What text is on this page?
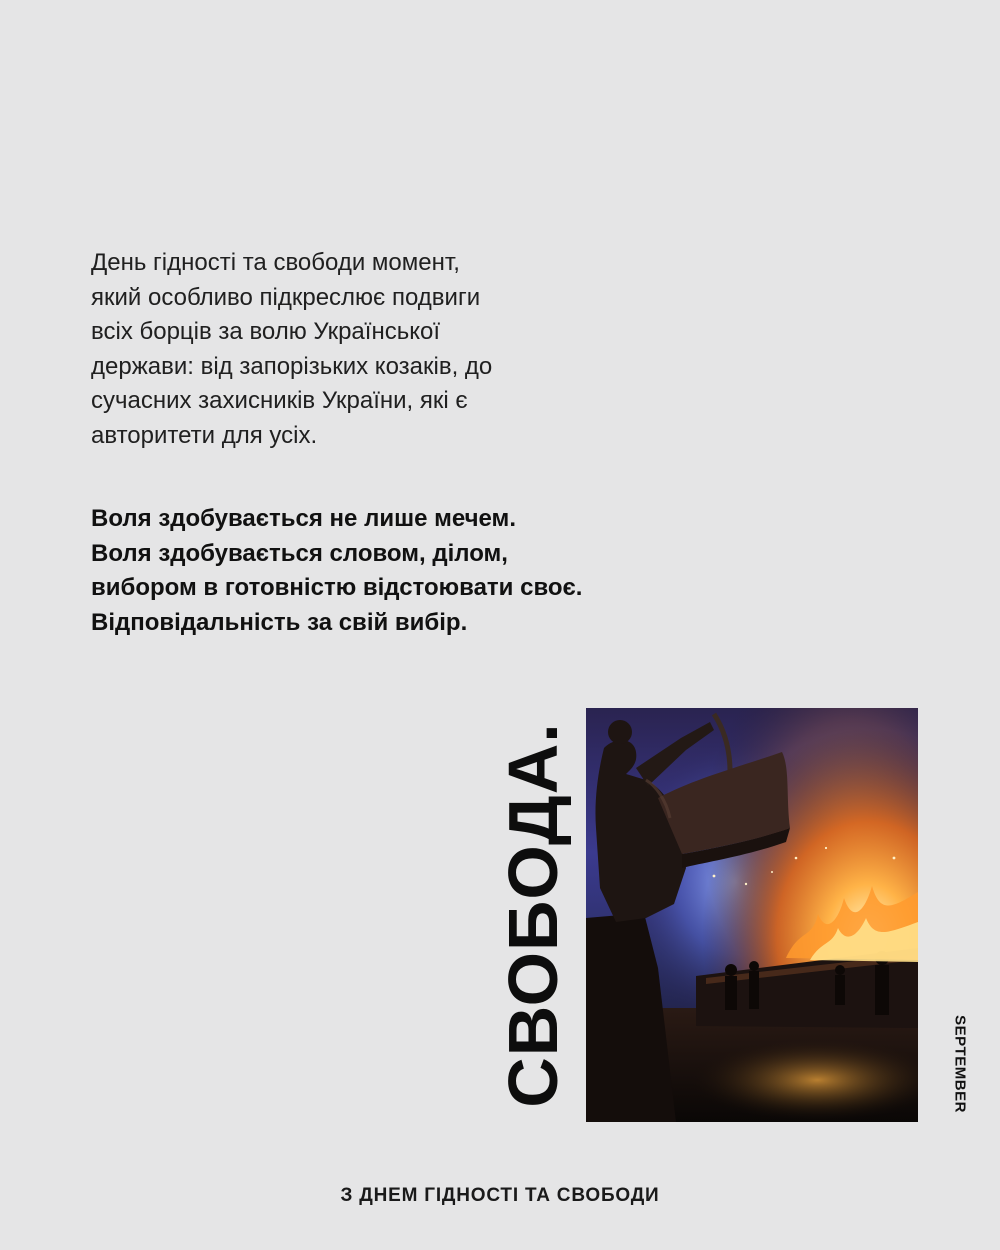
День гідності та свободи момент,
який особливо підкреслює подвиги
всіх борців за волю Української
держави: від запорізьких козаків, до
сучасних захисників України, які є
авторитети для усіх.

Воля здобувається не лише мечем.
Воля здобувається словом, ділом,
вибором в готовністю відстоювати своє.
Відповідальність за свій вибір.

СВОБОДА.	SEPTEMBER
З ДНЕМ ГІДНОСТІ ТА СВОБОДИ
